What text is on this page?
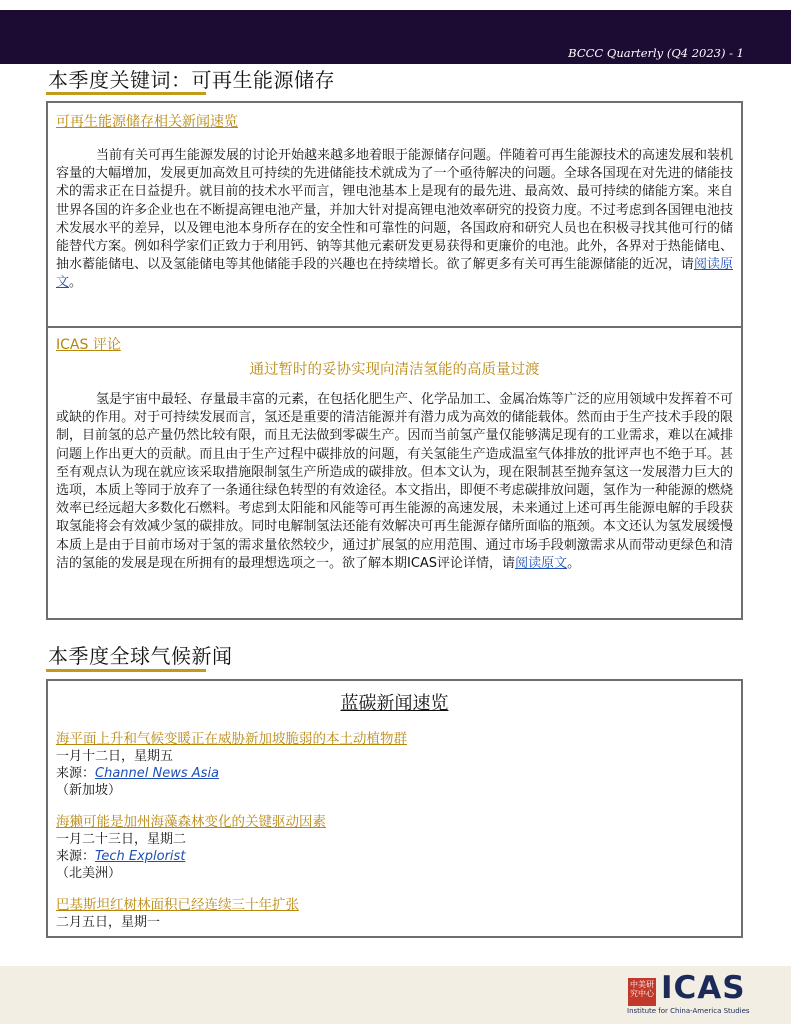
BCCC Quarterly (Q4 2023) - 1
本季度关键词：可再生能源储存
可再生能源储存相关新闻速览

当前有关可再生能源发展的讨论开始越来越多地着眼于能源储存问题。伴随着可再生能源技术的高速发展和装机容量的大幅增加，发展更加高效且可持续的先进储能技术就成为了一个亟待解决的问题。全球各国现在对先进的储能技术的需求正在日益提升。就目前的技术水平而言，锂电池基本上是现有的最先进、最高效、最可持续的储能方案。来自世界各国的许多企业也在不断提高锂电池产量，并加大针对提高锂电池效率研究的投资力度。不过考虑到各国锂电池技术发展水平的差异，以及锂电池本身所存在的安全性和可靠性的问题，各国政府和研究人员也在积极寻找其他可行的储能替代方案。例如科学家们正致力于利用钙、钠等其他元素研发更易获得和更廉价的电池。此外，各界对于热能储电、抽水蓄能储电、以及氢能储电等其他储能手段的兴趣也在持续增长。欲了解更多有关可再生能源储能的近况，请阅读原文。

ICAS 评论
通过暂时的妥协实现向清洁氢能的高质量过渡

氢是宇宙中最轻、存量最丰富的元素，在包括化肥生产、化学品加工、金属冶炼等广泛的应用领域中发挥着不可或缺的作用。对于可持续发展而言，氢还是重要的清洁能源并有潜力成为高效的储能载体。然而由于生产技术手段的限制，目前氢的总产量仍然比较有限，而且无法做到零碳生产。因而当前氢产量仅能够满足现有的工业需求，难以在减排问题上作出更大的贡献。而且由于生产过程中碳排放的问题，有关氢能生产造成温室气体排放的批评声也不绝于耳。甚至有观点认为现在就应该采取措施限制氢生产所造成的碳排放。但本文认为，现在限制甚至抛弃氢这一发展潜力巨大的选项，本质上等同于放弃了一条通往绿色转型的有效途径。本文指出，即便不考虑碳排放问题，氢作为一种能源的燃烧效率已经远超大多数化石燃料。考虑到太阳能和风能等可再生能源的高速发展，未来通过上述可再生能源电解的手段获取氢能将会有效减少氢的碳排放。同时电解制氢法还能有效解决可再生能源存储所面临的瓶颈。本文还认为氢发展缓慢本质上是由于目前市场对于氢的需求量依然较少，通过扩展氢的应用范围、通过市场手段刺激需求从而带动更绿色和清洁的氢能的发展是现在所拥有的最理想选项之一。欲了解本期ICAS评论详情，请阅读原文。

本季度全球气候新闻
蓝碳新闻速览
海平面上升和气候变暖正在威胁新加坡脆弱的本土动植物群
一月十二日，星期五
来源：Channel News Asia
（新加坡）
海獭可能是加州海藻森林变化的关键驱动因素
一月二十三日，星期二
来源：Tech Explorist
（北美洲）
巴基斯坦红树林面积已经连续三十年扩张
二月五日，星期一
中美研究中心 ICAS
Institute for China-America Studies
